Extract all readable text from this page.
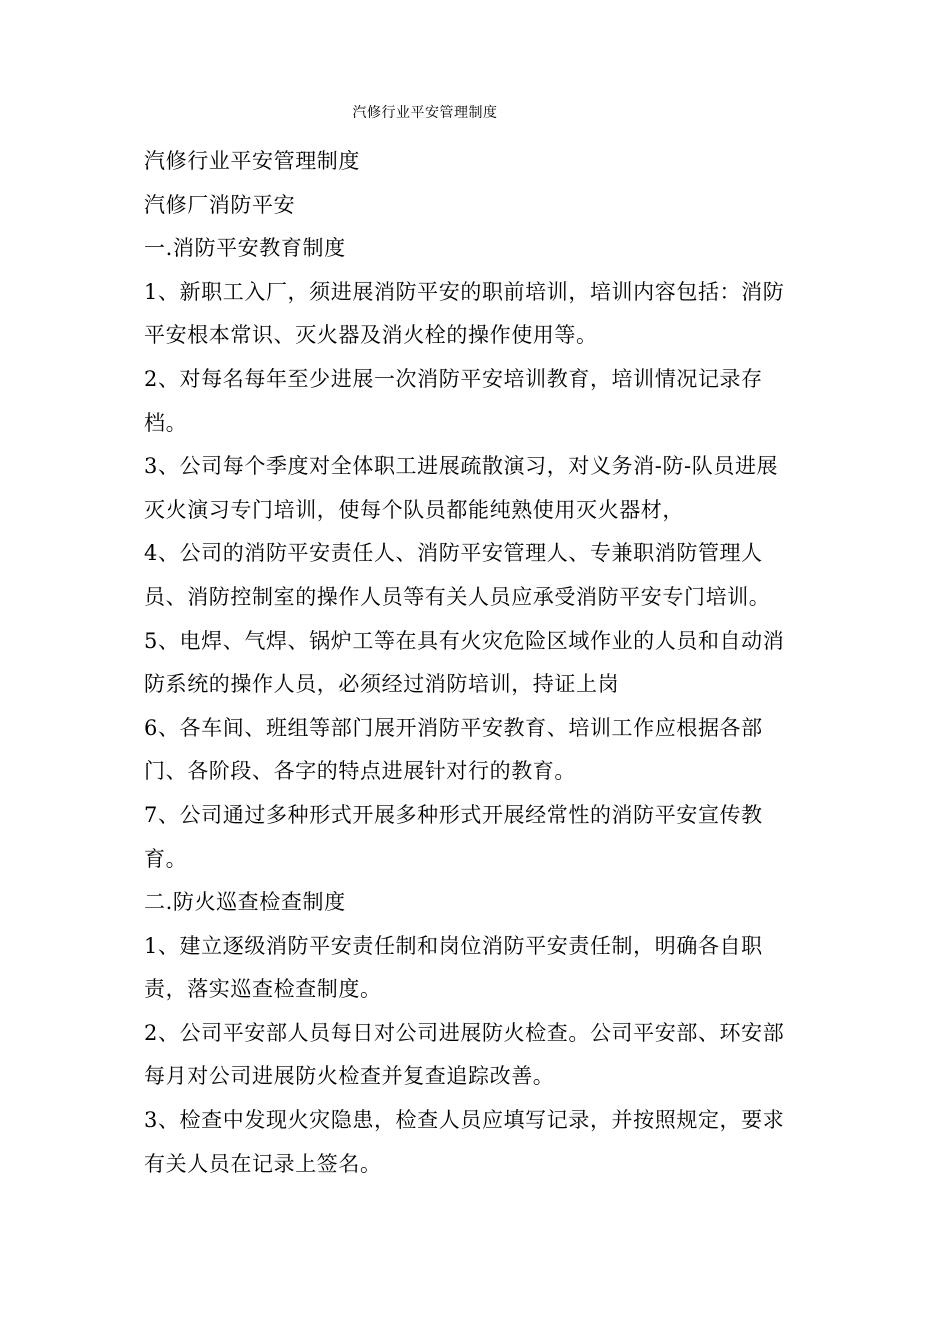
汽修行业平安管理制度
汽修行业平安管理制度
汽修厂消防平安
一.消防平安教育制度
1、新职工入厂，须进展消防平安的职前培训，培训内容包括：消防
平安根本常识、灭火器及消火栓的操作使用等。
2、对每名每年至少进展一次消防平安培训教育，培训情况记录存
档。
3、公司每个季度对全体职工进展疏散演习，对义务消-防-队员进展
灭火演习专门培训，使每个队员都能纯熟使用灭火器材，
4、公司的消防平安责任人、消防平安管理人、专兼职消防管理人
员、消防控制室的操作人员等有关人员应承受消防平安专门培训。
5、电焊、气焊、锅炉工等在具有火灾危险区域作业的人员和自动消
防系统的操作人员，必须经过消防培训，持证上岗
6、各车间、班组等部门展开消防平安教育、培训工作应根据各部
门、各阶段、各字的特点进展针对行的教育。
7、公司通过多种形式开展多种形式开展经常性的消防平安宣传教
育。
二.防火巡查检查制度
1、建立逐级消防平安责任制和岗位消防平安责任制，明确各自职
责，落实巡查检查制度。
2、公司平安部人员每日对公司进展防火检查。公司平安部、环安部
每月对公司进展防火检查并复查追踪改善。
3、检查中发现火灾隐患，检查人员应填写记录，并按照规定，要求
有关人员在记录上签名。
